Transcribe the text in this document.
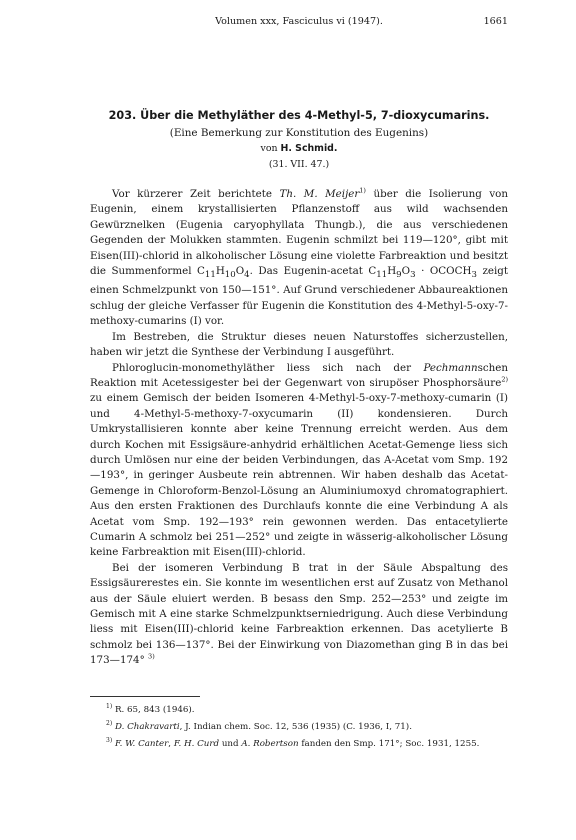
Volumen xxx, Fasciculus vi (1947).	1661
203. Über die Methyläther des 4-Methyl-5, 7-dioxycumarins.
(Eine Bemerkung zur Konstitution des Eugenins)
von H. Schmid.
(31. VII. 47.)

Vor kürzerer Zeit berichtete Th. M. Meijer$^{1)}$ über die Isolierung von Eugenin, einem krystallisierten Pflanzenstoff aus wild wachsenden Gewürznelken (Eugenia caryophyllata Thungb.), die aus verschiedenen Gegenden der Molukken stammten. Eugenin schmilzt bei 119—120°, gibt mit Eisen(III)-chlorid in alkoholischer Lösung eine violette Farbreaktion und besitzt die Summenformel $C_{11}H_{10}O_4$. Das Eugenin-acetat $C_{11}H_9O_3$ · $OCOCH_3$ zeigt einen Schmelzpunkt von 150—151°. Auf Grund verschiedener Abbaureaktionen schlug der gleiche Verfasser für Eugenin die Konstitution des 4-Methyl-5-oxy-7-methoxy-cumarins (I) vor.

Im Bestreben, die Struktur dieses neuen Naturstoffes sicherzustellen, haben wir jetzt die Synthese der Verbindung I ausgeführt.

Phloroglucin-monomethyläther liess sich nach der Pechmannschen Reaktion mit Acetessigester bei der Gegenwart von sirupöser Phosphorsäure$^{2)}$ zu einem Gemisch der beiden Isomeren 4-Methyl-5-oxy-7-methoxy-cumarin (I) und 4-Methyl-5-methoxy-7-oxycumarin (II) kondensieren. Durch Umkrystallisieren konnte aber keine Trennung erreicht werden. Aus dem durch Kochen mit Essigsäure-anhydrid erhältlichen Acetat-Gemenge liess sich durch Umlösen nur eine der beiden Verbindungen, das A-Acetat vom Smp. 192—193°, in geringer Ausbeute rein abtrennen. Wir haben deshalb das Acetat-Gemenge in Chloroform-Benzol-Lösung an Aluminiumoxyd chromatographiert. Aus den ersten Fraktionen des Durchlaufs konnte die eine Verbindung A als Acetat vom Smp. 192—193° rein gewonnen werden. Das entacetylierte Cumarin A schmolz bei 251—252° und zeigte in wässerig-alkoholischer Lösung keine Farbreaktion mit Eisen(III)-chlorid.

Bei der isomeren Verbindung B trat in der Säule Abspaltung des Essigsäurerestes ein. Sie konnte im wesentlichen erst auf Zusatz von Methanol aus der Säule eluiert werden. B besass den Smp. 252—253° und zeigte im Gemisch mit A eine starke Schmelzpunktserniedrigung. Auch diese Verbindung liess mit Eisen(III)-chlorid keine Farbreaktion erkennen. Das acetylierte B schmolz bei 136—137°. Bei der Einwirkung von Diazomethan ging B in das bei 173—174° $^{3)}$

$^{1)}$ R. 65, 843 (1946).

$^{2)}$ D. Chakravarti, J. Indian chem. Soc. 12, 536 (1935) (C. 1936, I, 71).

$^{3)}$ F. W. Canter, F. H. Curd und A. Robertson fanden den Smp. 171°; Soc. 1931, 1255.
